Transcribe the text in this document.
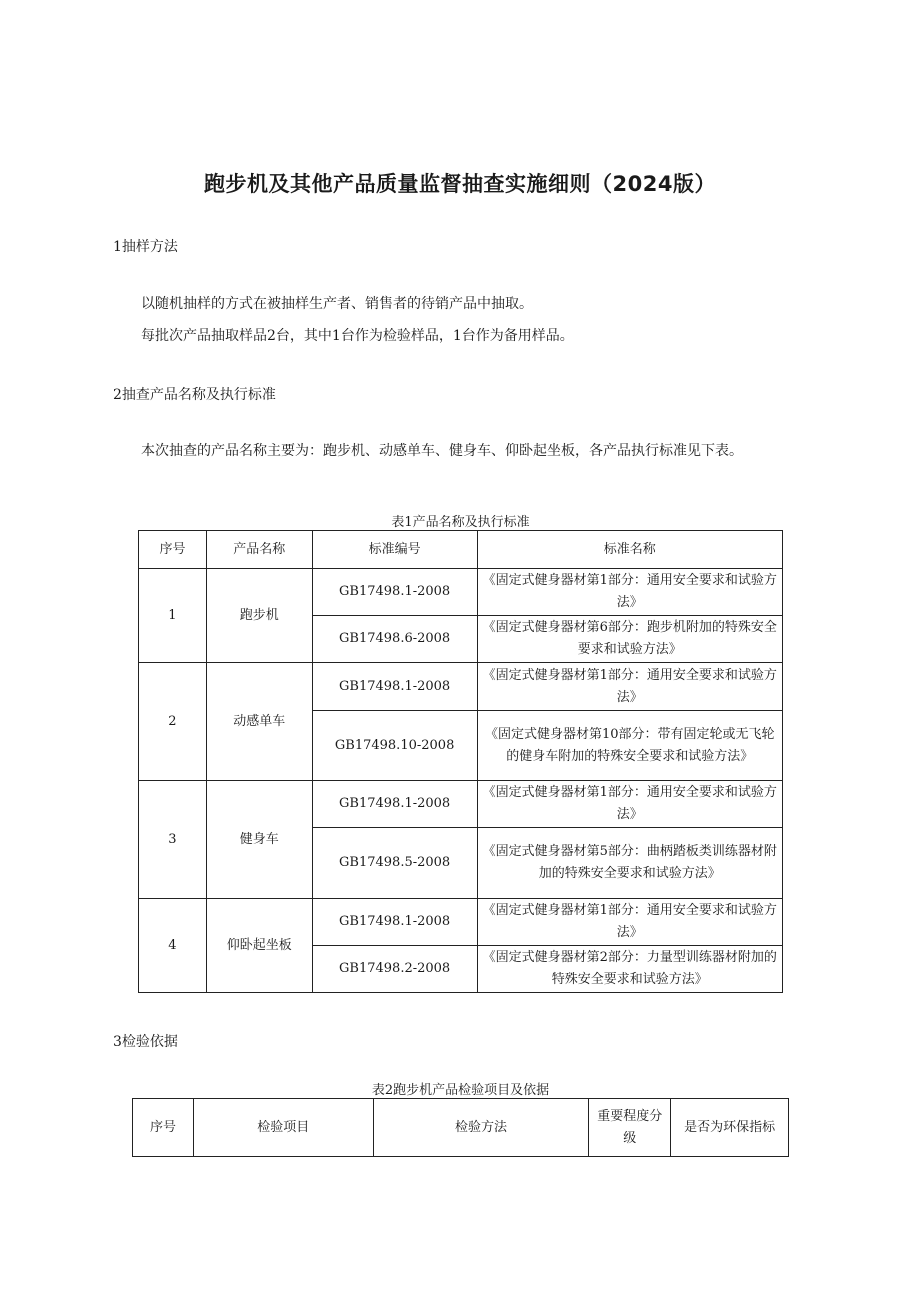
跑步机及其他产品质量监督抽查实施细则（2024版）
1抽样方法
以随机抽样的方式在被抽样生产者、销售者的待销产品中抽取。
每批次产品抽取样品2台，其中1台作为检验样品，1台作为备用样品。
2抽查产品名称及执行标准
本次抽查的产品名称主要为：跑步机、动感单车、健身车、仰卧起坐板，各产品执行标准见下表。
表1产品名称及执行标准
序号	产品名称	标准编号	标准名称
1	跑步机	GB17498.1-2008	《固定式健身器材第1部分：通用安全要求和试验方法》
		GB17498.6-2008	《固定式健身器材第6部分：跑步机附加的特殊安全要求和试验方法》
2	动感单车	GB17498.1-2008	《固定式健身器材第1部分：通用安全要求和试验方法》
		GB17498.10-2008	《固定式健身器材第10部分：带有固定轮或无飞轮的健身车附加的特殊安全要求和试验方法》
3	健身车	GB17498.1-2008	《固定式健身器材第1部分：通用安全要求和试验方法》
		GB17498.5-2008	《固定式健身器材第5部分：曲柄踏板类训练器材附加的特殊安全要求和试验方法》
4	仰卧起坐板	GB17498.1-2008	《固定式健身器材第1部分：通用安全要求和试验方法》
		GB17498.2-2008	《固定式健身器材第2部分：力量型训练器材附加的特殊安全要求和试验方法》
3检验依据
表2跑步机产品检验项目及依据
序号	检验项目	检验方法	重要程度分级	是否为环保指标
